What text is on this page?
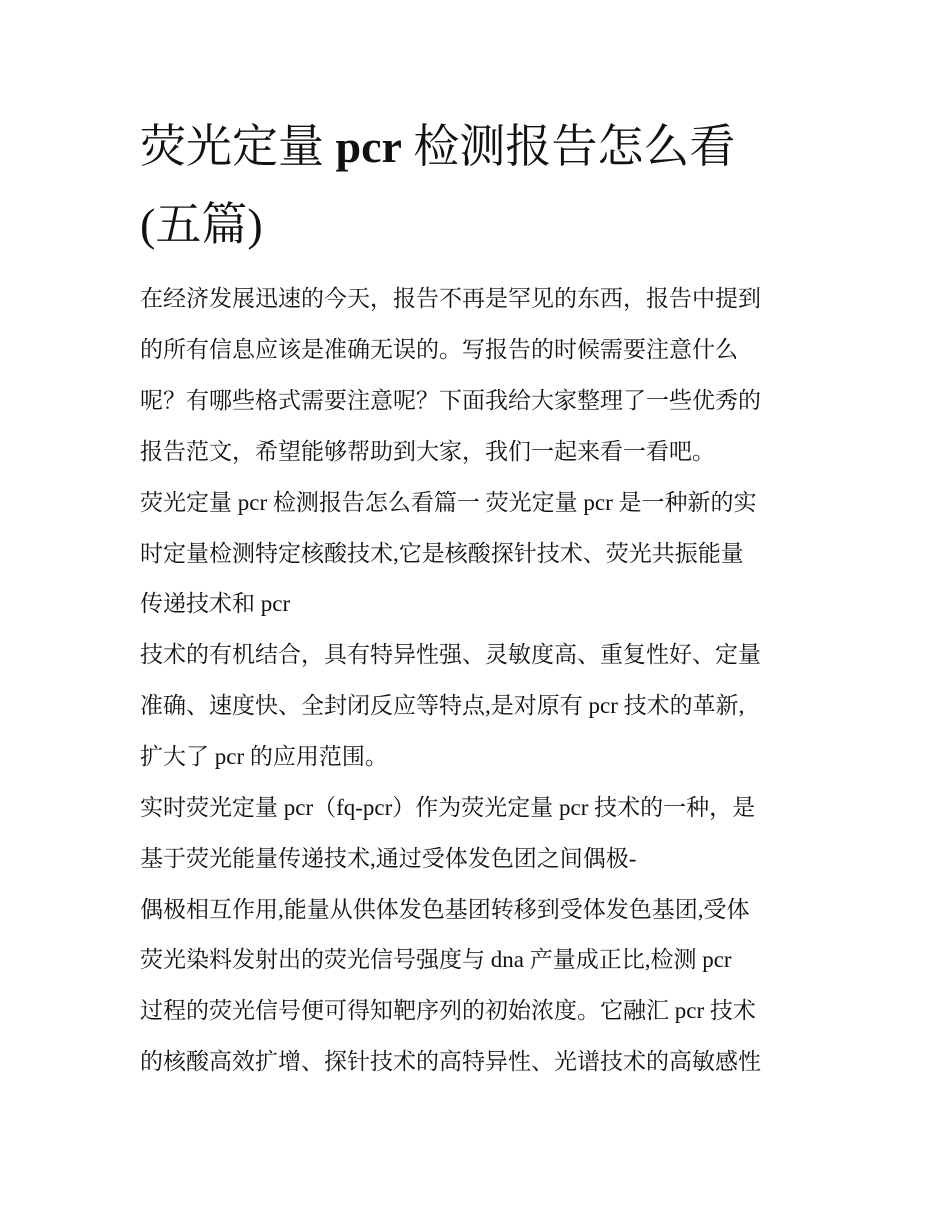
荧光定量 pcr 检测报告怎么看
(五篇)

在经济发展迅速的今天，报告不再是罕见的东西，报告中提到

的所有信息应该是准确无误的。写报告的时候需要注意什么

呢？有哪些格式需要注意呢？下面我给大家整理了一些优秀的

报告范文，希望能够帮助到大家，我们一起来看一看吧。

荧光定量 pcr 检测报告怎么看篇一 荧光定量 pcr 是一种新的实

时定量检测特定核酸技术,它是核酸探针技术、荧光共振能量

传递技术和 pcr

技术的有机结合，具有特异性强、灵敏度高、重复性好、定量

准确、速度快、全封闭反应等特点,是对原有 pcr 技术的革新,

扩大了 pcr 的应用范围。

实时荧光定量 pcr（fq-pcr）作为荧光定量 pcr 技术的一种，是

基于荧光能量传递技术,通过受体发色团之间偶极-

偶极相互作用,能量从供体发色基团转移到受体发色基团,受体

荧光染料发射出的荧光信号强度与 dna 产量成正比,检测 pcr

过程的荧光信号便可得知靶序列的初始浓度。它融汇 pcr 技术

的核酸高效扩增、探针技术的高特异性、光谱技术的高敏感性
